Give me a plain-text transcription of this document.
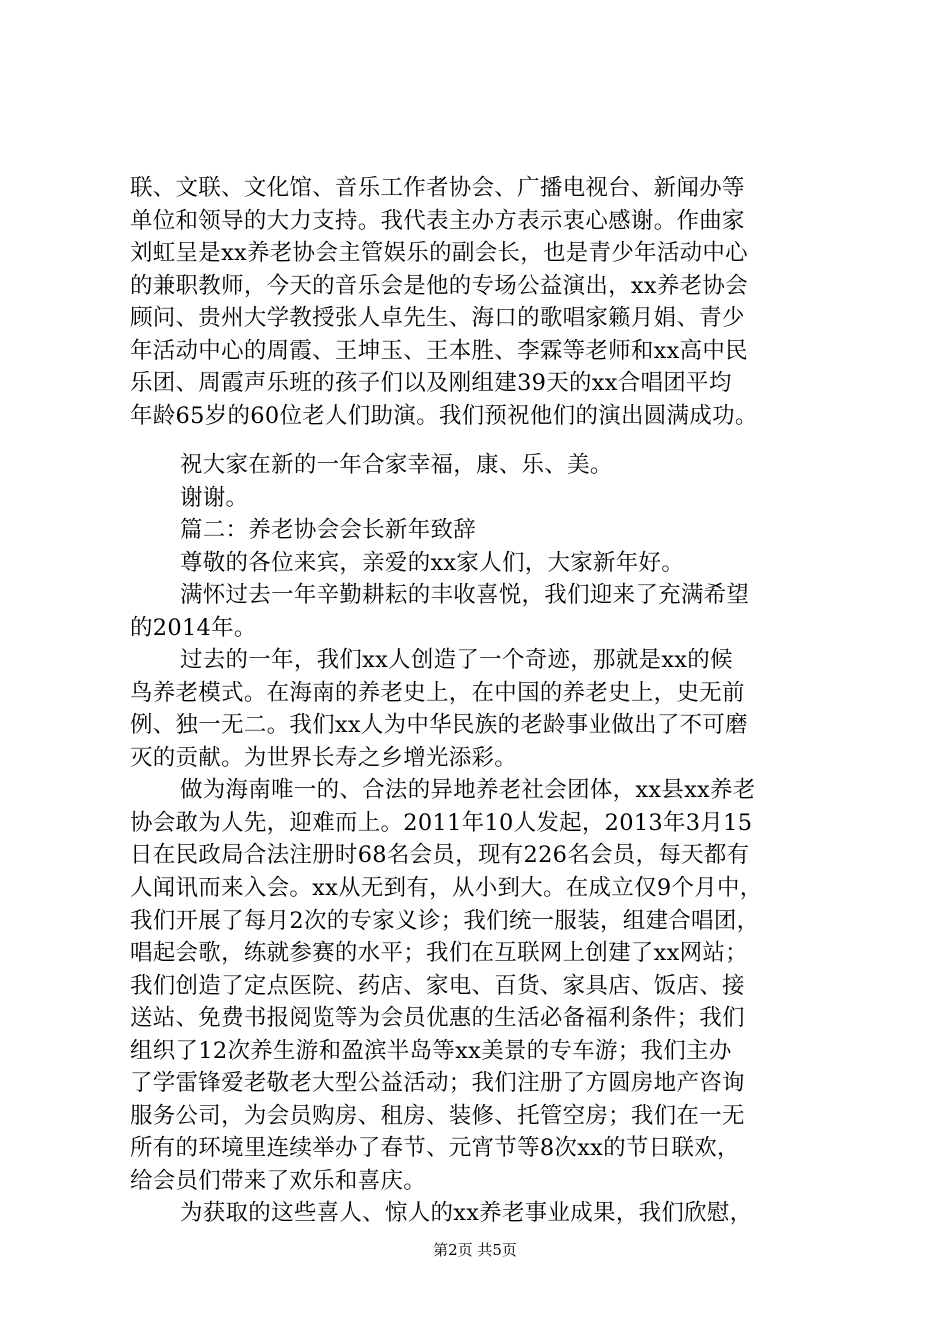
联、文联、文化馆、音乐工作者协会、广播电视台、新闻办等
单位和领导的大力支持。我代表主办方表示衷心感谢。作曲家
刘虹呈是xx养老协会主管娱乐的副会长，也是青少年活动中心
的兼职教师，今天的音乐会是他的专场公益演出，xx养老协会
顾问、贵州大学教授张人卓先生、海口的歌唱家籁月娟、青少
年活动中心的周霞、王坤玉、王本胜、李霖等老师和xx高中民
乐团、周霞声乐班的孩子们以及刚组建39天的xx合唱团平均
年龄65岁的60位老人们助演。我们预祝他们的演出圆满成功。
祝大家在新的一年合家幸福，康、乐、美。
谢谢。
篇二：养老协会会长新年致辞
尊敬的各位来宾，亲爱的xx家人们，大家新年好。
满怀过去一年辛勤耕耘的丰收喜悦，我们迎来了充满希望
的2014年。
过去的一年，我们xx人创造了一个奇迹，那就是xx的候
鸟养老模式。在海南的养老史上，在中国的养老史上，史无前
例、独一无二。我们xx人为中华民族的老龄事业做出了不可磨
灭的贡献。为世界长寿之乡增光添彩。
做为海南唯一的、合法的异地养老社会团体，xx县xx养老
协会敢为人先，迎难而上。2011年10人发起，2013年3月15
日在民政局合法注册时68名会员，现有226名会员，每天都有
人闻讯而来入会。xx从无到有，从小到大。在成立仅9个月中，
我们开展了每月2次的专家义诊；我们统一服装，组建合唱团，
唱起会歌，练就参赛的水平；我们在互联网上创建了xx网站；
我们创造了定点医院、药店、家电、百货、家具店、饭店、接
送站、免费书报阅览等为会员优惠的生活必备福利条件；我们
组织了12次养生游和盈滨半岛等xx美景的专车游；我们主办
了学雷锋爱老敬老大型公益活动；我们注册了方圆房地产咨询
服务公司，为会员购房、租房、装修、托管空房；我们在一无
所有的环境里连续举办了春节、元宵节等8次xx的节日联欢，
给会员们带来了欢乐和喜庆。
为获取的这些喜人、惊人的xx养老事业成果，我们欣慰，
第2页 共5页
